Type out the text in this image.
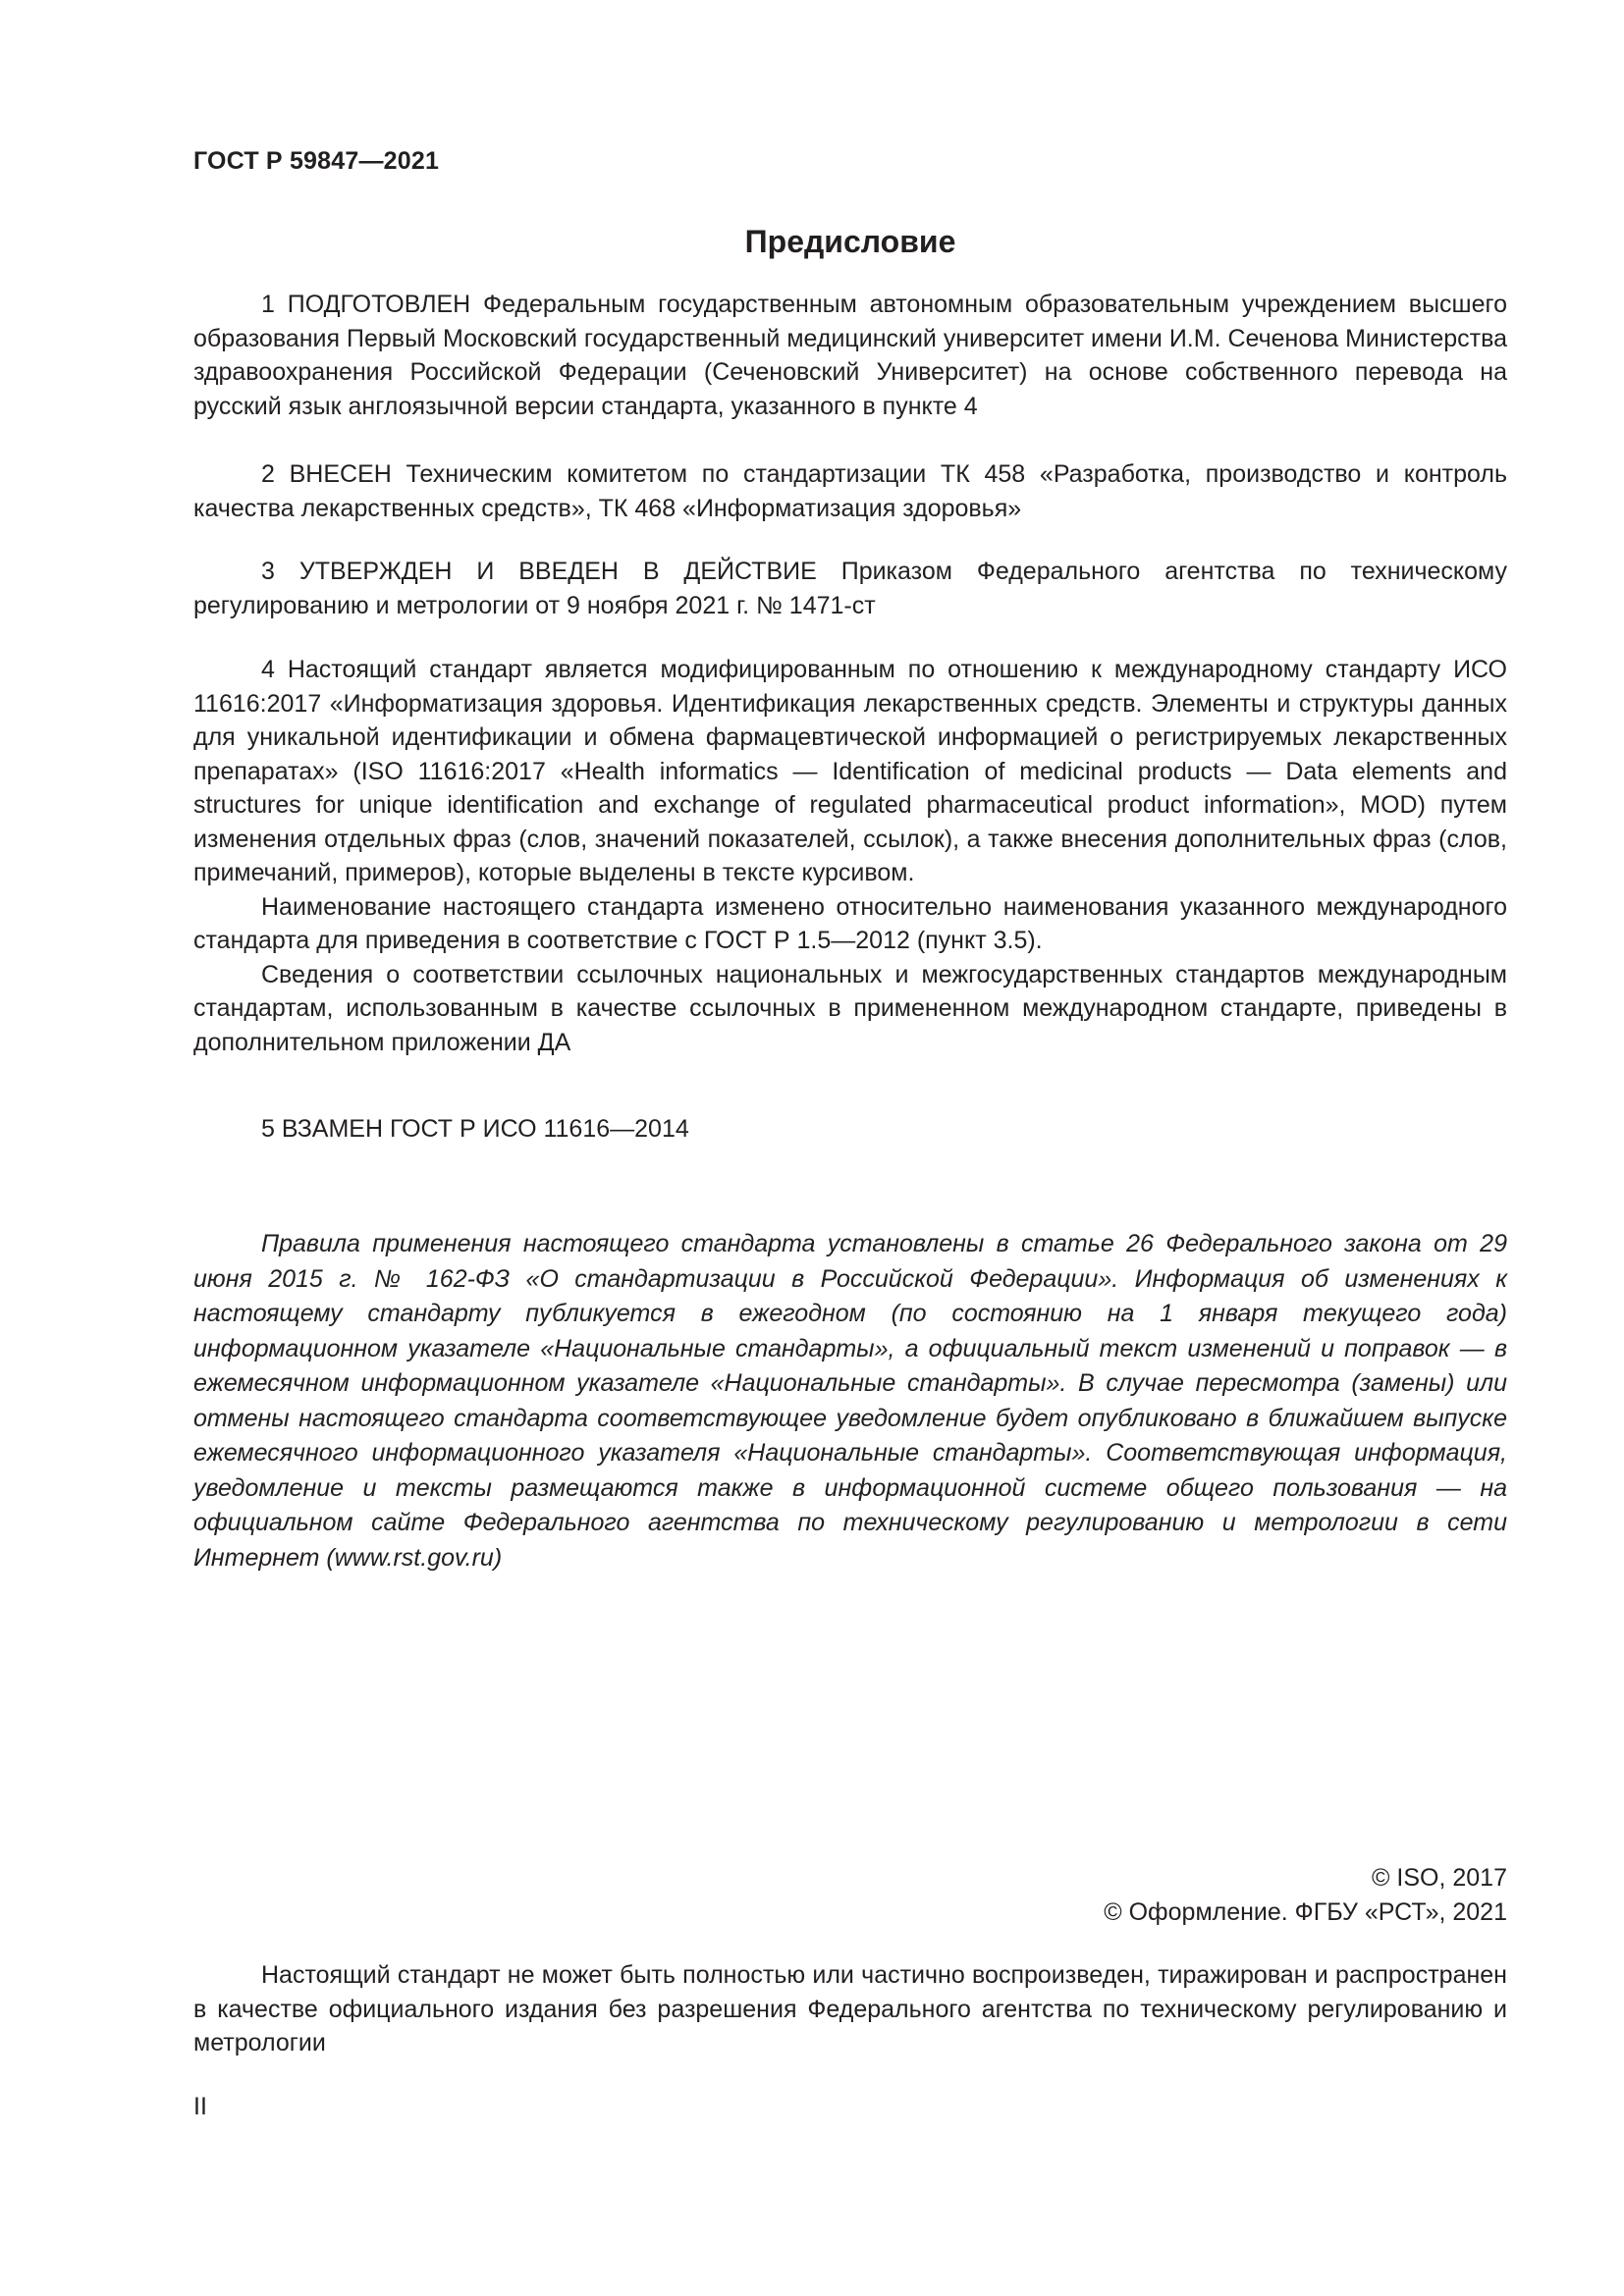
ГОСТ Р 59847—2021
Предисловие

1 ПОДГОТОВЛЕН Федеральным государственным автономным образовательным учреждением высшего образования Первый Московский государственный медицинский университет имени И.М. Сеченова Министерства здравоохранения Российской Федерации (Сеченовский Университет) на основе собственного перевода на русский язык англоязычной версии стандарта, указанного в пункте 4

2 ВНЕСЕН Техническим комитетом по стандартизации ТК 458 «Разработка, производство и контроль качества лекарственных средств», ТК 468 «Информатизация здоровья»

3 УТВЕРЖДЕН И ВВЕДЕН В ДЕЙСТВИЕ Приказом Федерального агентства по техническому регулированию и метрологии от 9 ноября 2021 г. № 1471-ст

4 Настоящий стандарт является модифицированным по отношению к международному стандарту ИСО 11616:2017 «Информатизация здоровья. Идентификация лекарственных средств. Элементы и структуры данных для уникальной идентификации и обмена фармацевтической информацией о регистрируемых лекарственных препаратах» (ISO 11616:2017 «Health informatics — Identification of medicinal products — Data elements and structures for unique identification and exchange of regulated pharmaceutical product information», MOD) путем изменения отдельных фраз (слов, значений показателей, ссылок), а также внесения дополнительных фраз (слов, примечаний, примеров), которые выделены в тексте курсивом.

Наименование настоящего стандарта изменено относительно наименования указанного международного стандарта для приведения в соответствие с ГОСТ Р 1.5—2012 (пункт 3.5).

Сведения о соответствии ссылочных национальных и межгосударственных стандартов международным стандартам, использованным в качестве ссылочных в примененном международном стандарте, приведены в дополнительном приложении ДА

5 ВЗАМЕН ГОСТ Р ИСО 11616—2014

Правила применения настоящего стандарта установлены в статье 26 Федерального закона от 29 июня 2015 г. № 162-ФЗ «О стандартизации в Российской Федерации». Информация об изменениях к настоящему стандарту публикуется в ежегодном (по состоянию на 1 января текущего года) информационном указателе «Национальные стандарты», а официальный текст изменений и поправок — в ежемесячном информационном указателе «Национальные стандарты». В случае пересмотра (замены) или отмены настоящего стандарта соответствующее уведомление будет опубликовано в ближайшем выпуске ежемесячного информационного указателя «Национальные стандарты». Соответствующая информация, уведомление и тексты размещаются также в информационной системе общего пользования — на официальном сайте Федерального агентства по техническому регулированию и метрологии в сети Интернет (www.rst.gov.ru)

© ISO, 2017
© Оформление. ФГБУ «РСТ», 2021

Настоящий стандарт не может быть полностью или частично воспроизведен, тиражирован и распространен в качестве официального издания без разрешения Федерального агентства по техническому регулированию и метрологии

II
